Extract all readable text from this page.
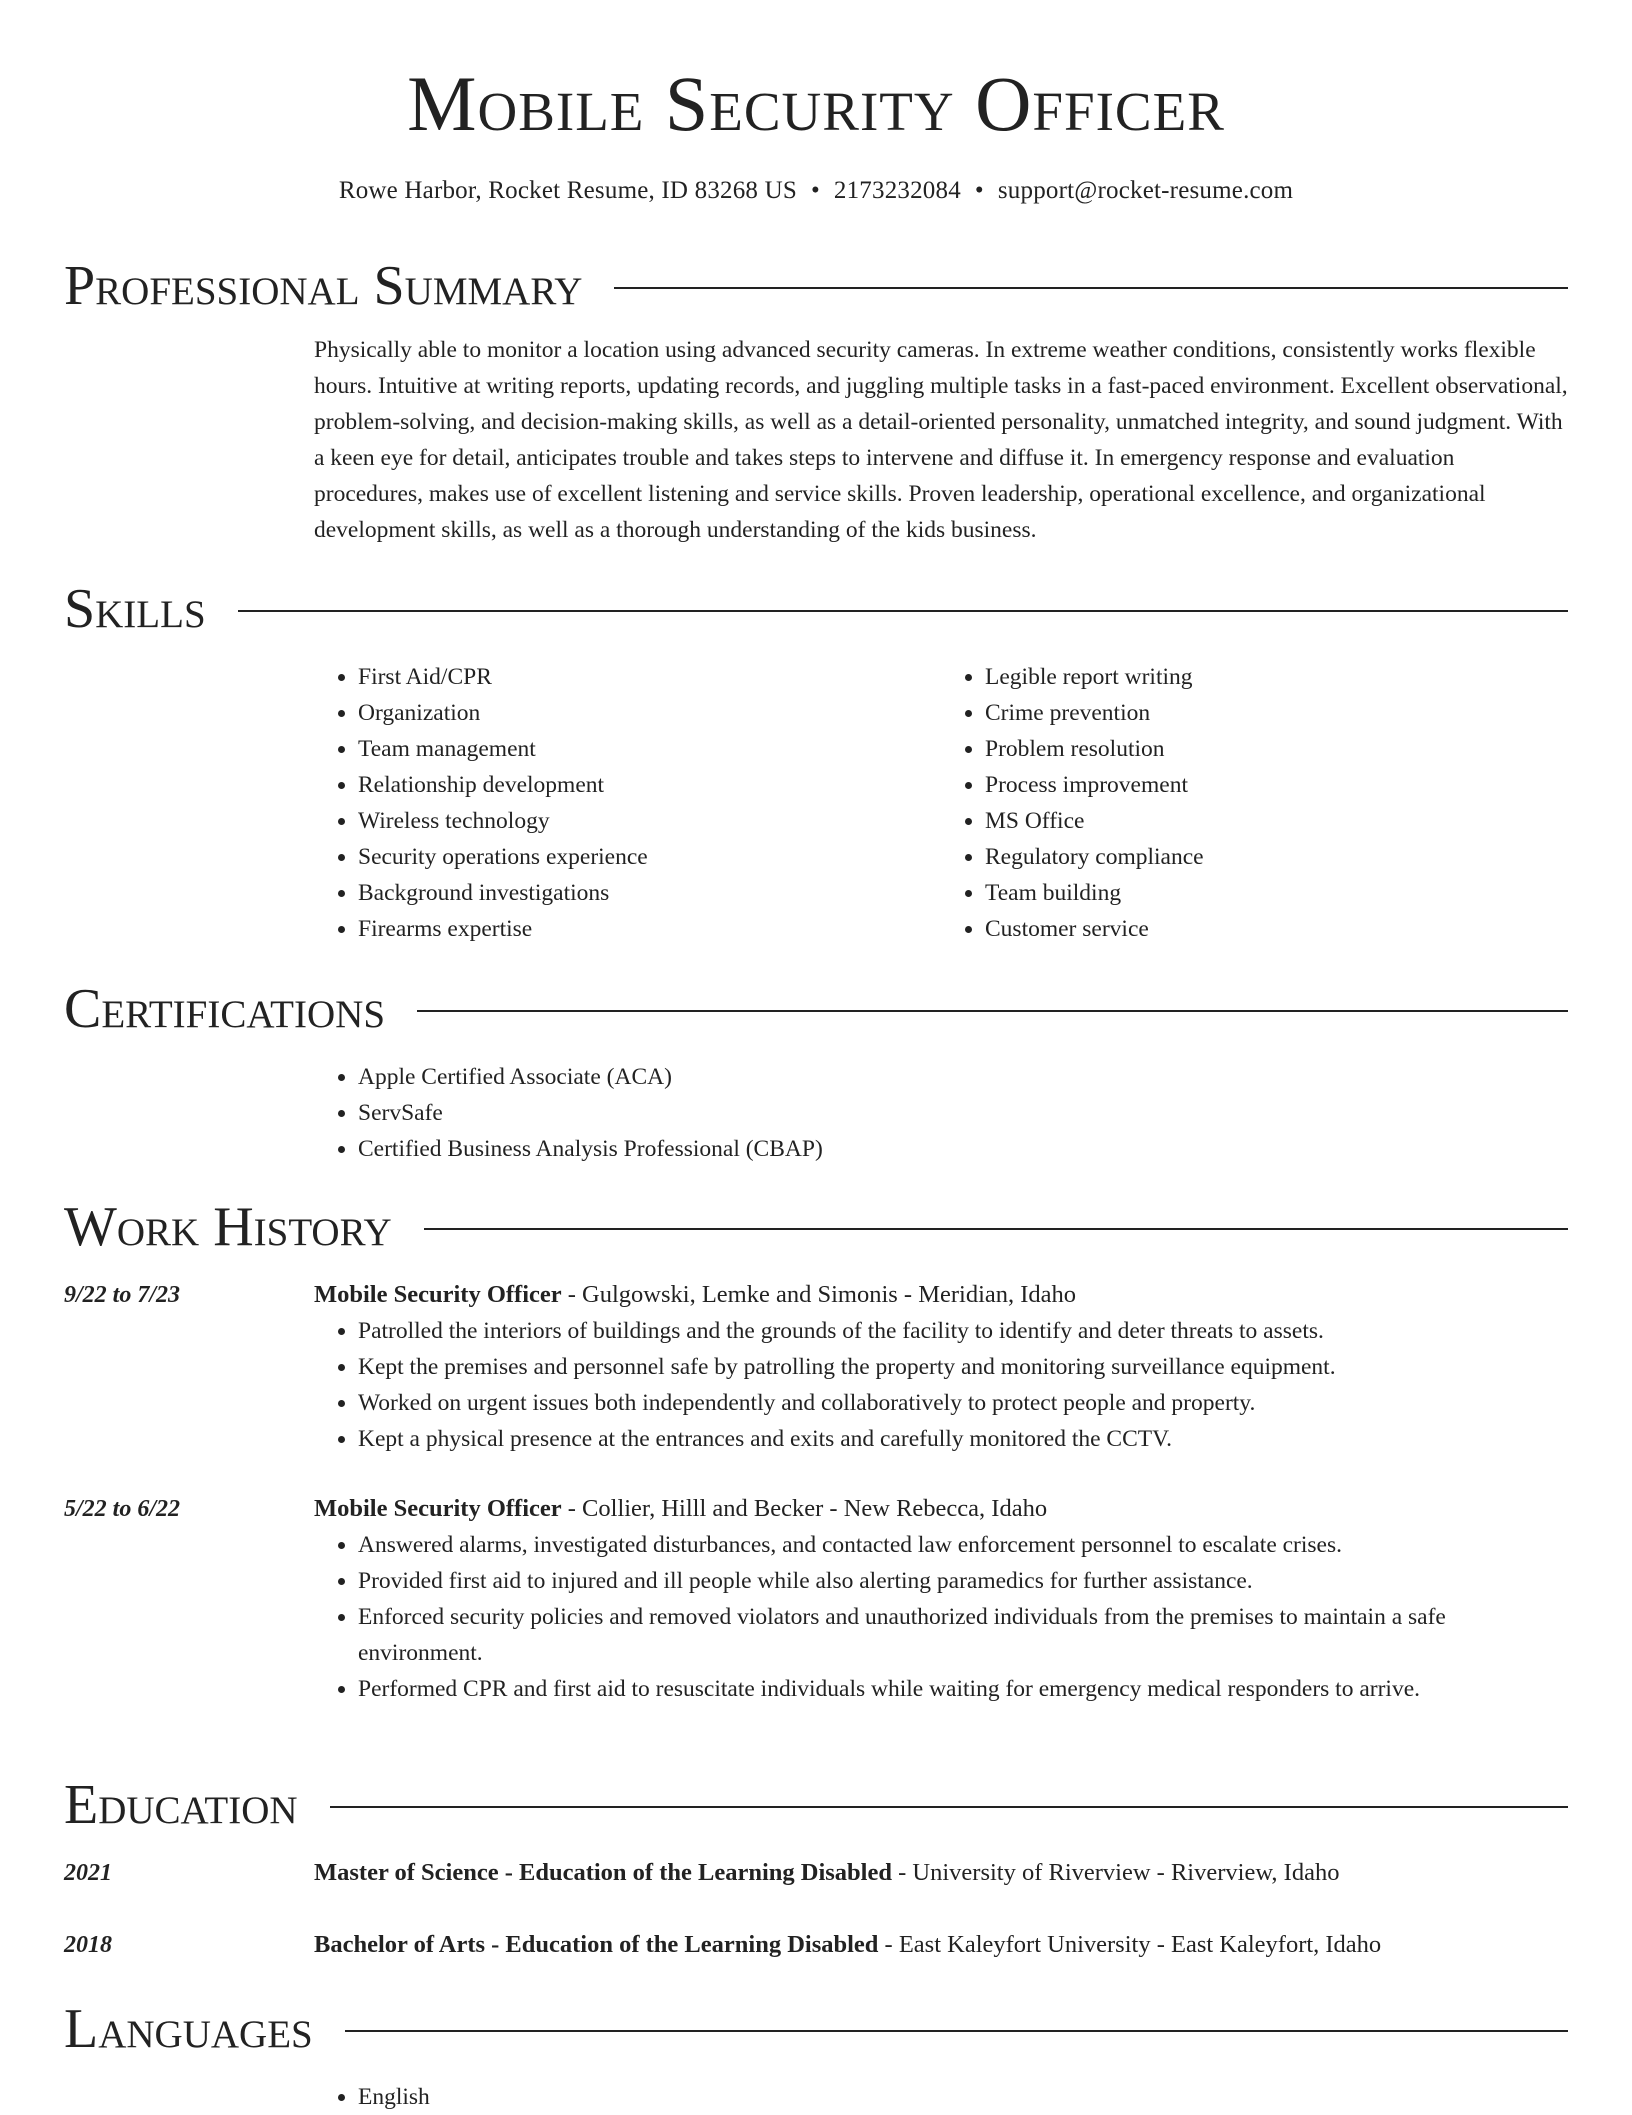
Mobile Security Officer
Rowe Harbor, Rocket Resume, ID 83268 US • 2173232084 • support@rocket-resume.com
Professional Summary

Physically able to monitor a location using advanced security cameras. In extreme weather conditions, consistently works flexible hours. Intuitive at writing reports, updating records, and juggling multiple tasks in a fast-paced environment. Excellent observational, problem-solving, and decision-making skills, as well as a detail-oriented personality, unmatched integrity, and sound judgment. With a keen eye for detail, anticipates trouble and takes steps to intervene and diffuse it. In emergency response and evaluation procedures, makes use of excellent listening and service skills. Proven leadership, operational excellence, and organizational development skills, as well as a thorough understanding of the kids business.

Skills
• First Aid/CPR
• Organization
• Team management
• Relationship development
• Wireless technology
• Security operations experience
• Background investigations
• Firearms expertise
• Legible report writing
• Crime prevention
• Problem resolution
• Process improvement
• MS Office
• Regulatory compliance
• Team building
• Customer service
Certifications
• Apple Certified Associate (ACA)
• ServSafe
• Certified Business Analysis Professional (CBAP)
Work History
9/22 to 7/23	Mobile Security Officer - Gulgowski, Lemke and Simonis - Meridian, Idaho
• Patrolled the interiors of buildings and the grounds of the facility to identify and deter threats to assets.
• Kept the premises and personnel safe by patrolling the property and monitoring surveillance equipment.
• Worked on urgent issues both independently and collaboratively to protect people and property.
• Kept a physical presence at the entrances and exits and carefully monitored the CCTV.
5/22 to 6/22	Mobile Security Officer - Collier, Hilll and Becker - New Rebecca, Idaho
• Answered alarms, investigated disturbances, and contacted law enforcement personnel to escalate crises.
• Provided first aid to injured and ill people while also alerting paramedics for further assistance.
• Enforced security policies and removed violators and unauthorized individuals from the premises to maintain a safe environment.
• Performed CPR and first aid to resuscitate individuals while waiting for emergency medical responders to arrive.
Education
2021	Master of Science - Education of the Learning Disabled - University of Riverview - Riverview, Idaho
2018	Bachelor of Arts - Education of the Learning Disabled - East Kaleyfort University - East Kaleyfort, Idaho
Languages
• English
